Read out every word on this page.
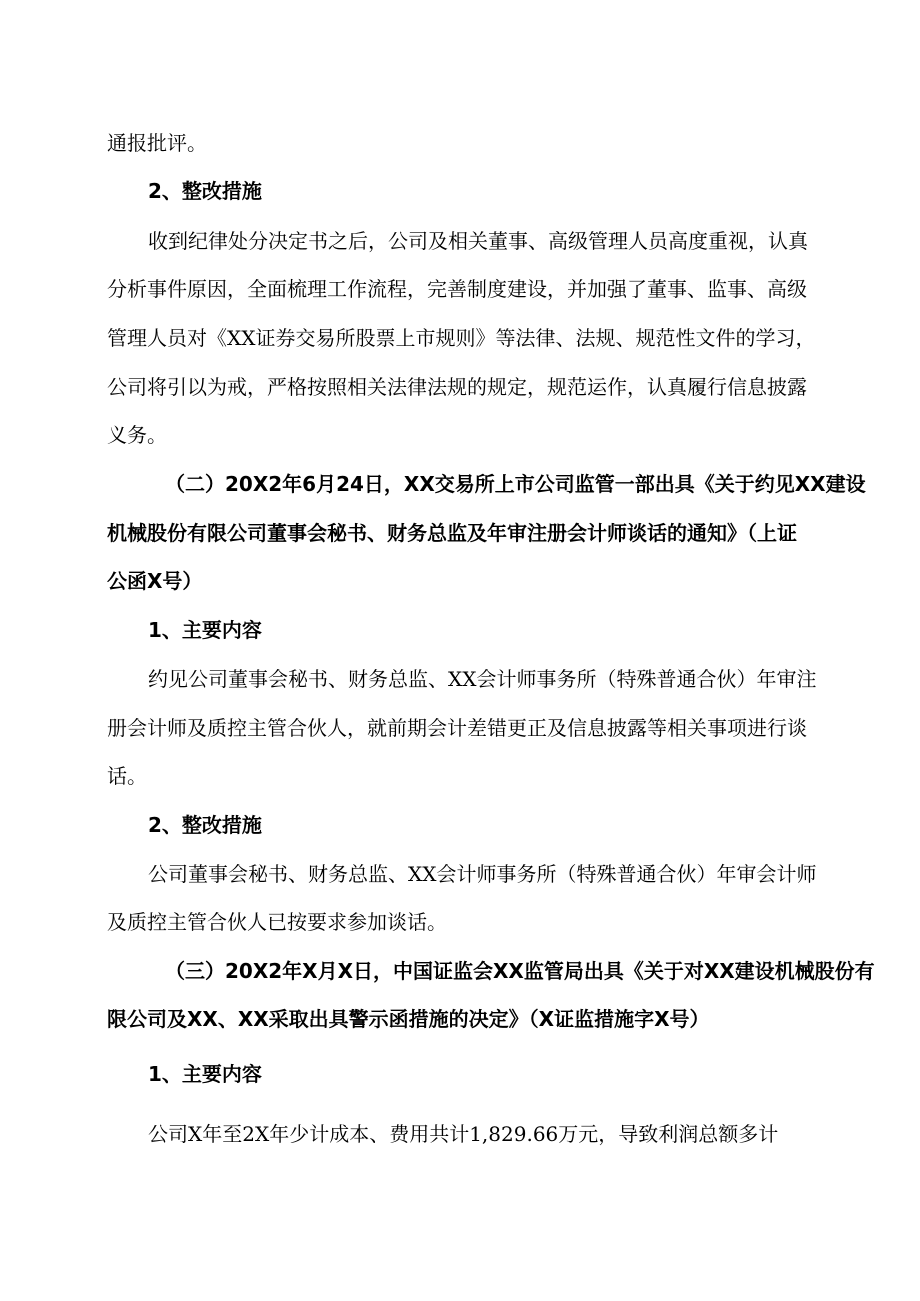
通报批评。
2、整改措施
收到纪律处分决定书之后，公司及相关董事、高级管理人员高度重视，认真
分析事件原因，全面梳理工作流程，完善制度建设，并加强了董事、监事、高级
管理人员对《XX证券交易所股票上市规则》等法律、法规、规范性文件的学习，
公司将引以为戒，严格按照相关法律法规的规定，规范运作，认真履行信息披露
义务。
（二）20X2年6月24日，XX交易所上市公司监管一部出具《关于约见XX建设
机械股份有限公司董事会秘书、财务总监及年审注册会计师谈话的通知》（上证
公函X号）
1、主要内容
约见公司董事会秘书、财务总监、XX会计师事务所（特殊普通合伙）年审注
册会计师及质控主管合伙人，就前期会计差错更正及信息披露等相关事项进行谈
话。
2、整改措施
公司董事会秘书、财务总监、XX会计师事务所（特殊普通合伙）年审会计师
及质控主管合伙人已按要求参加谈话。
（三）20X2年X月X日，中国证监会XX监管局出具《关于对XX建设机械股份有
限公司及XX、XX采取出具警示函措施的决定》（X证监措施字X号）
1、主要内容
公司X年至2X年少计成本、费用共计1,829.66万元，导致利润总额多计
